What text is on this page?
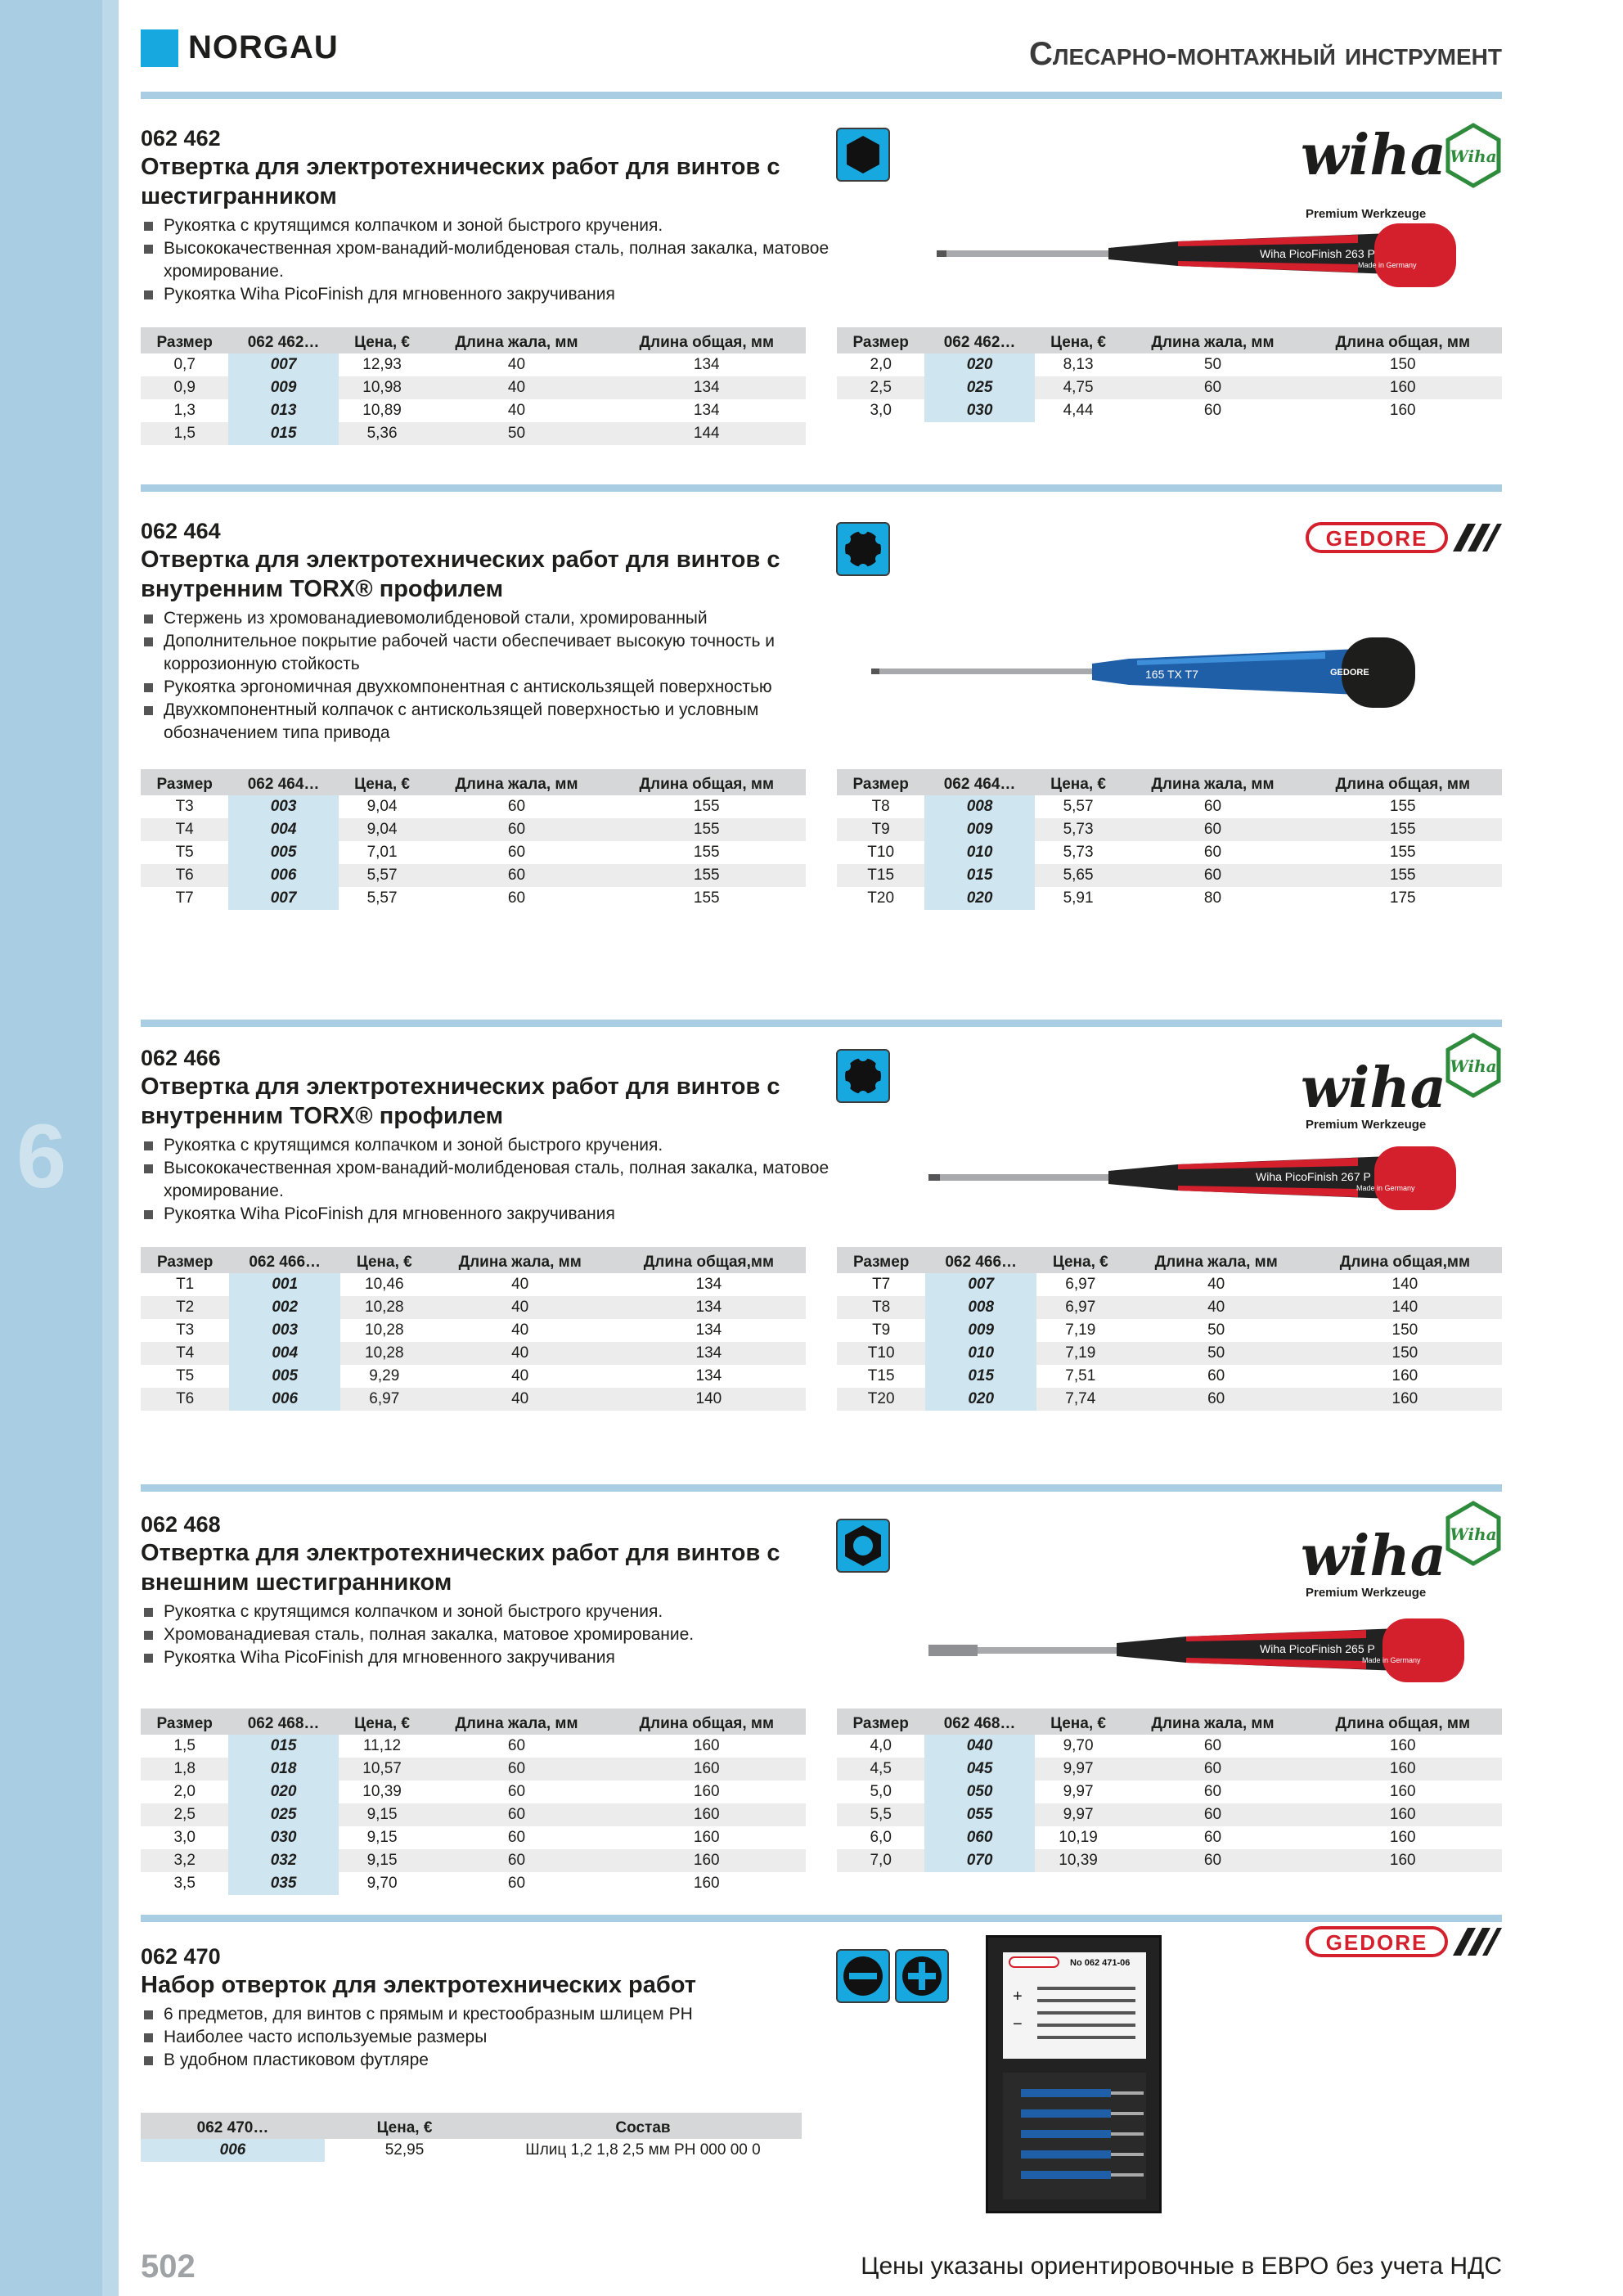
6
NORGAU	Слесарно-монтажный инструмент
062 462
Отвертка для электротехнических работ для винтов с шестигранником
Рукоятка с крутящимся колпачком и зоной быстрого кручения.
Высококачественная хром-ванадий-молибденовая сталь, полная закалка, матовое хромирование.
Рукоятка Wiha PicoFinish для мгновенного закручивания
wiha
Premium Werkzeuge
Wiha
Wiha PicoFinish 263 P
Made in Germany
Размер	062 462…	Цена, €	Длина жала, мм	Длина общая, мм
0,7	007	12,93	40	134
0,9	009	10,98	40	134
1,3	013	10,89	40	134
1,5	015	5,36	50	144
Размер	062 462…	Цена, €	Длина жала, мм	Длина общая, мм
2,0	020	8,13	50	150
2,5	025	4,75	60	160
3,0	030	4,44	60	160
062 464
Отвертка для электротехнических работ для винтов с внутренним TORX® профилем
Стержень из хромованадиевомолибденовой стали, хромированный
Дополнительное покрытие рабочей части обеспечивает высокую точность и коррозионную стойкость
Рукоятка эргономичная двухкомпонентная с антискользящей поверхностью
Двухкомпонентный колпачок с антискользящей поверхностью и условным обозначением типа привода
GEDORE
165 TX T7	GEDORE
Размер	062 464…	Цена, €	Длина жала, мм	Длина общая, мм
T3	003	9,04	60	155
T4	004	9,04	60	155
T5	005	7,01	60	155
T6	006	5,57	60	155
T7	007	5,57	60	155
Размер	062 464…	Цена, €	Длина жала, мм	Длина общая, мм
T8	008	5,57	60	155
T9	009	5,73	60	155
T10	010	5,73	60	155
T15	015	5,65	60	155
T20	020	5,91	80	175
062 466
Отвертка для электротехнических работ для винтов с внутренним TORX® профилем
Рукоятка с крутящимся колпачком и зоной быстрого кручения.
Высококачественная хром-ванадий-молибденовая сталь, полная закалка, матовое хромирование.
Рукоятка Wiha PicoFinish для мгновенного закручивания
wiha
Premium Werkzeuge
Wiha
Wiha PicoFinish 267 P
Made in Germany
Размер	062 466…	Цена, €	Длина жала, мм	Длина общая,мм
T1	001	10,46	40	134
T2	002	10,28	40	134
T3	003	10,28	40	134
T4	004	10,28	40	134
T5	005	9,29	40	134
T6	006	6,97	40	140
Размер	062 466…	Цена, €	Длина жала, мм	Длина общая,мм
T7	007	6,97	40	140
T8	008	6,97	40	140
T9	009	7,19	50	150
T10	010	7,19	50	150
T15	015	7,51	60	160
T20	020	7,74	60	160
062 468
Отвертка для электротехнических работ для винтов с внешним шестигранником
Рукоятка с крутящимся колпачком и зоной быстрого кручения.
Хромованадиевая сталь, полная закалка, матовое хромирование.
Рукоятка Wiha PicoFinish для мгновенного закручивания
wiha
Premium Werkzeuge
Wiha
Wiha PicoFinish 265 P
Made in Germany
Размер	062 468…	Цена, €	Длина жала, мм	Длина общая, мм
1,5	015	11,12	60	160
1,8	018	10,57	60	160
2,0	020	10,39	60	160
2,5	025	9,15	60	160
3,0	030	9,15	60	160
3,2	032	9,15	60	160
3,5	035	9,70	60	160
Размер	062 468…	Цена, €	Длина жала, мм	Длина общая, мм
4,0	040	9,70	60	160
4,5	045	9,97	60	160
5,0	050	9,97	60	160
5,5	055	9,97	60	160
6,0	060	10,19	60	160
7,0	070	10,39	60	160
062 470
Набор отверток для электротехнических работ
6 предметов, для винтов с прямым и крестообразным шлицем PH
Наиболее часто используемые размеры
В удобном пластиковом футляре
No 062 471-06
+
−
GEDORE
062 470…	Цена, €	Состав
006	52,95	Шлиц 1,2 1,8 2,5 мм PH 000 00 0
502	Цены указаны ориентировочные в ЕВРО без учета НДС
